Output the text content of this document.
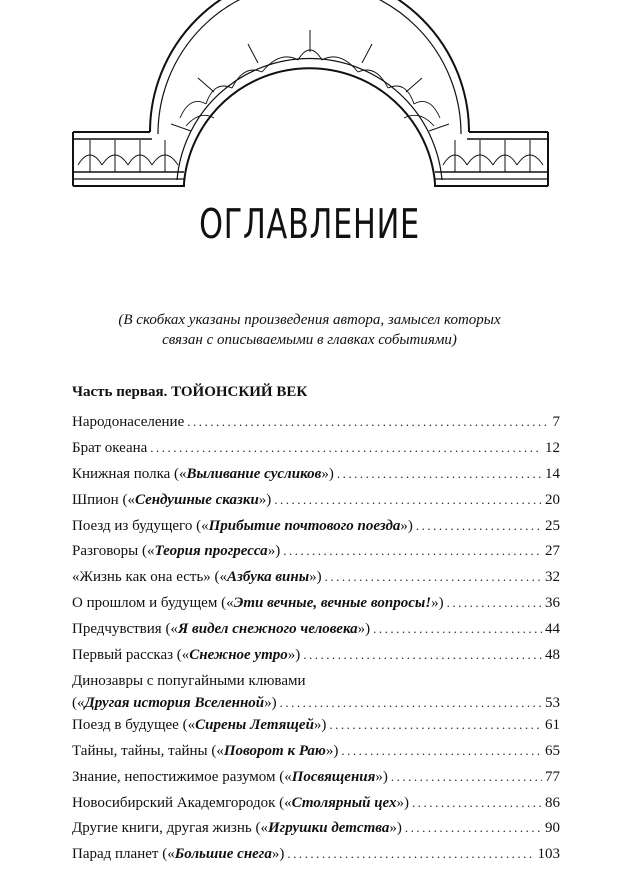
ОГЛАВЛЕНИЕ
(В скобках указаны произведения автора, замысел которых
связан с описываемыми в главках событиями)
Часть первая. ТОЙОНСКИЙ ВЕК
Народонаселение .....	7
Брат океана .....	12
Книжная полка («Выливание сусликов») .....	14
Шпион («Сендушные сказки») .....	20
Поезд из будущего («Прибытие почтового поезда») .....	25
Разговоры («Теория прогресса») .....	27
«Жизнь как она есть» («Азбука вины») .....	32
О прошлом и будущем («Эти вечные, вечные вопросы!») .....	36
Предчувствия («Я видел снежного человека») .....	44
Первый рассказ («Снежное утро») .....	48
Динозавры с попугайными клювами
(«Другая история Вселенной») .....	53
Поезд в будущее («Сирены Летящей») .....	61
Тайны, тайны, тайны («Поворот к Раю») .....	65
Знание, непостижимое разумом («Посвящения») .....	77
Новосибирский Академгородок («Столярный цех») .....	86
Другие книги, другая жизнь («Игрушки детства») .....	90
Парад планет («Большие снега») .....	103
